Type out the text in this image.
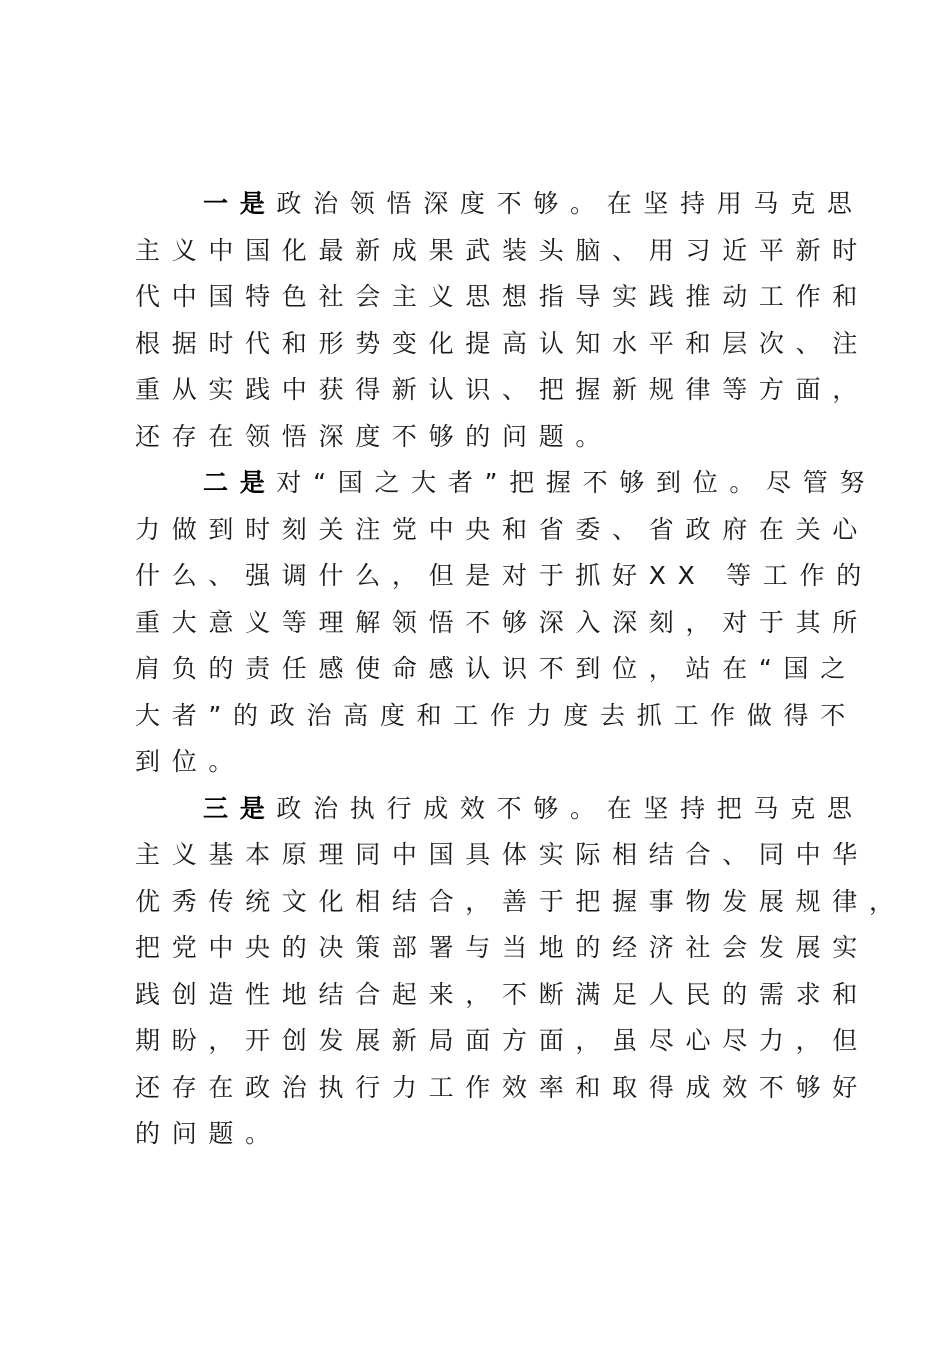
一是政治领悟深度不够。在坚持用马克思
主义中国化最新成果武装头脑、用习近平新时
代中国特色社会主义思想指导实践推动工作和
根据时代和形势变化提高认知水平和层次、注
重从实践中获得新认识、把握新规律等方面，
还存在领悟深度不够的问题。
二是对“国之大者”把握不够到位。尽管努
力做到时刻关注党中央和省委、省政府在关心
什么、强调什么，但是对于抓好XX 等工作的
重大意义等理解领悟不够深入深刻，对于其所
肩负的责任感使命感认识不到位，站在“国之
大者”的政治高度和工作力度去抓工作做得不
到位。
三是政治执行成效不够。在坚持把马克思
主义基本原理同中国具体实际相结合、同中华
优秀传统文化相结合，善于把握事物发展规律，
把党中央的决策部署与当地的经济社会发展实
践创造性地结合起来，不断满足人民的需求和
期盼，开创发展新局面方面，虽尽心尽力，但
还存在政治执行力工作效率和取得成效不够好
的问题。
